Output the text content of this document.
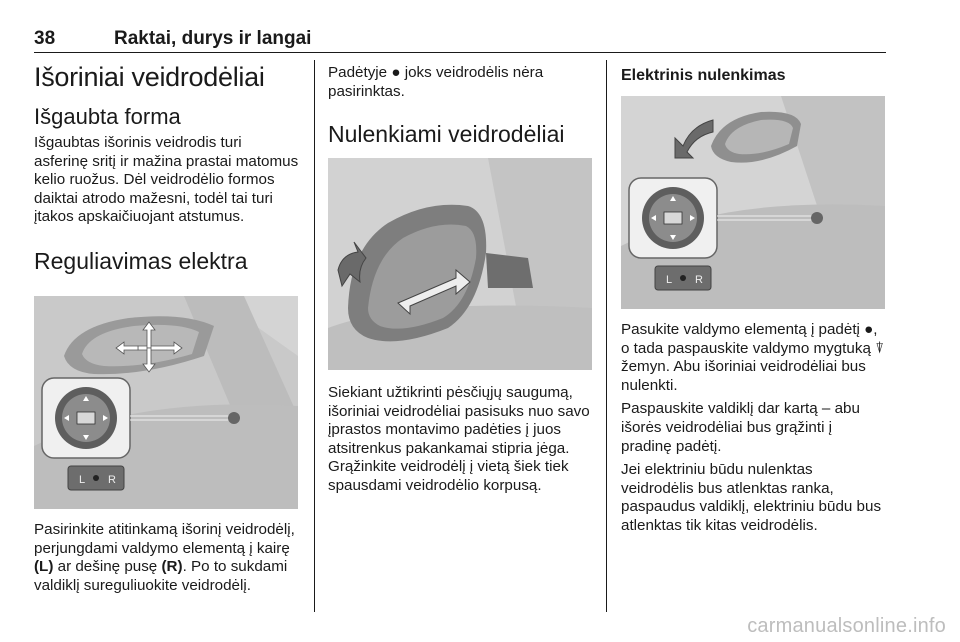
38	Raktai, durys ir langai
Išoriniai veidrodėliai
Išgaubta forma

Išgaubtas išorinis veidrodis turi asferinę sritį ir mažina prastai matomus kelio ruožus. Dėl veidrodėlio formos daiktai atrodo mažesni, todėl tai turi įtakos apskaičiuojant atstumus.

Reguliavimas elektra
L R

Pasirinkite atitinkamą išorinį veidrodėlį, perjungdami valdymo elementą į kairę (L) ar dešinę pusę (R). Po to sukdami valdiklį sureguliuokite veidrodėlį.

Padėtyje ● joks veidrodėlis nėra pasirinktas.

Nulenkiami veidrodėliai

Siekiant užtikrinti pėsčiųjų saugumą, išoriniai veidrodėliai pasisuks nuo savo įprastos montavimo padėties į juos atsitrenkus pakankamai stipria jėga. Grąžinkite veidrodėlį į vietą šiek tiek spausdami veidrodėlio korpusą.

Elektrinis nulenkimas
L R

Pasukite valdymo elementą į padėtį ●, o tada paspauskite valdymo mygtuką ⍒ žemyn. Abu išoriniai veidrodėliai bus nulenkti.

Paspauskite valdiklį dar kartą – abu išorės veidrodėliai bus grąžinti į pradinę padėtį.

Jei elektriniu būdu nulenktas veidrodėlis bus atlenktas ranka, paspaudus valdiklį, elektriniu būdu bus atlenktas tik kitas veidrodėlis.

carmanualsonline.info
